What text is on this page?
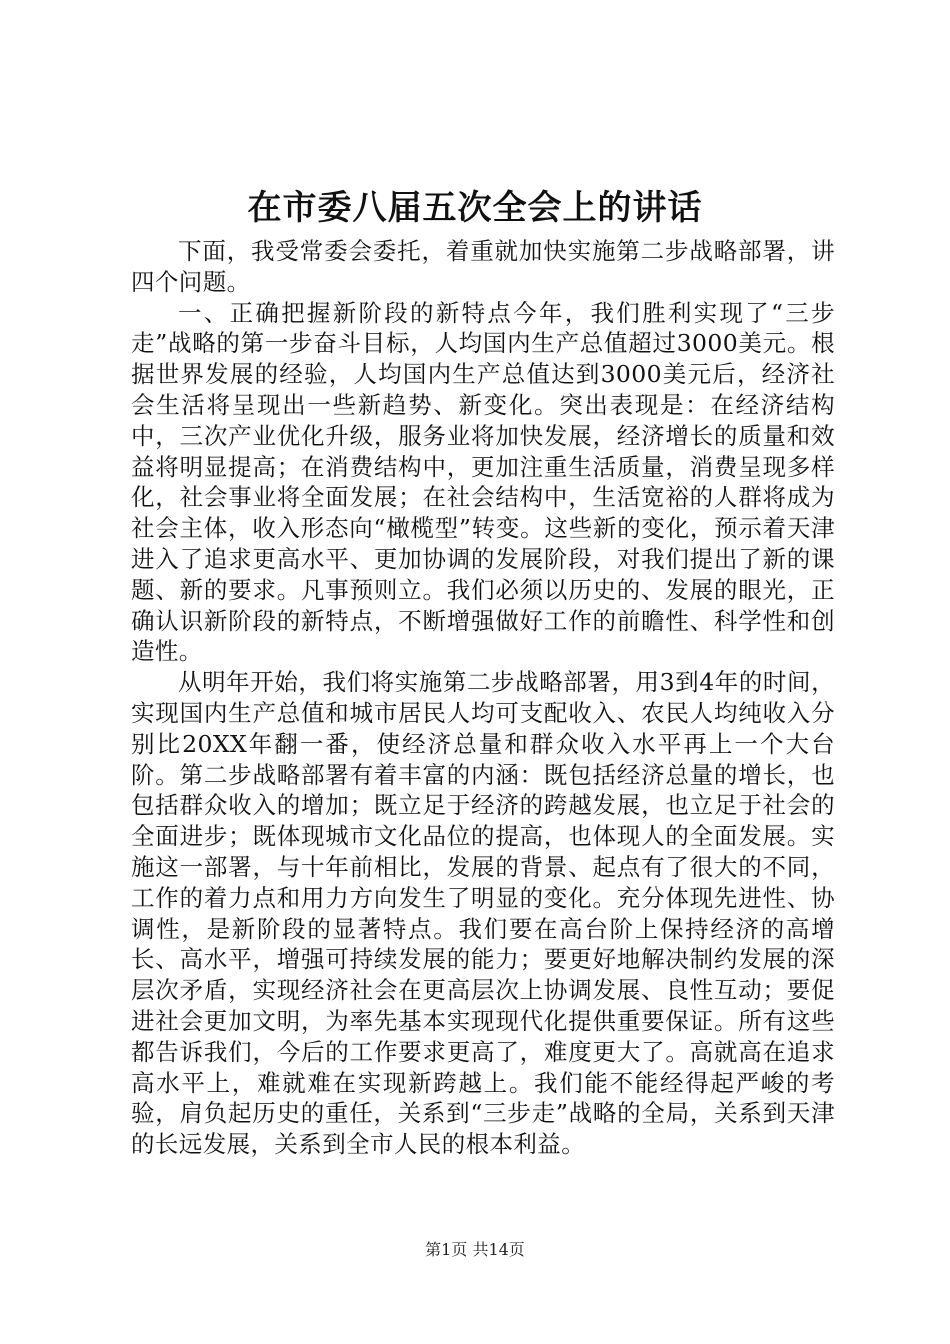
在市委八届五次全会上的讲话

下面，我受常委会委托，着重就加快实施第二步战略部署，讲四个问题。

一、正确把握新阶段的新特点今年，我们胜利实现了“三步走”战略的第一步奋斗目标，人均国内生产总值超过3000美元。根据世界发展的经验，人均国内生产总值达到3000美元后，经济社会生活将呈现出一些新趋势、新变化。突出表现是：在经济结构中，三次产业优化升级，服务业将加快发展，经济增长的质量和效益将明显提高；在消费结构中，更加注重生活质量，消费呈现多样化，社会事业将全面发展；在社会结构中，生活宽裕的人群将成为社会主体，收入形态向“橄榄型”转变。这些新的变化，预示着天津进入了追求更高水平、更加协调的发展阶段，对我们提出了新的课题、新的要求。凡事预则立。我们必须以历史的、发展的眼光，正确认识新阶段的新特点，不断增强做好工作的前瞻性、科学性和创造性。

从明年开始，我们将实施第二步战略部署，用3到4年的时间，实现国内生产总值和城市居民人均可支配收入、农民人均纯收入分别比20XX年翻一番，使经济总量和群众收入水平再上一个大台阶。第二步战略部署有着丰富的内涵：既包括经济总量的增长，也包括群众收入的增加；既立足于经济的跨越发展，也立足于社会的全面进步；既体现城市文化品位的提高，也体现人的全面发展。实施这一部署，与十年前相比，发展的背景、起点有了很大的不同，工作的着力点和用力方向发生了明显的变化。充分体现先进性、协调性，是新阶段的显著特点。我们要在高台阶上保持经济的高增长、高水平，增强可持续发展的能力；要更好地解决制约发展的深层次矛盾，实现经济社会在更高层次上协调发展、良性互动；要促进社会更加文明，为率先基本实现现代化提供重要保证。所有这些都告诉我们，今后的工作要求更高了，难度更大了。高就高在追求高水平上，难就难在实现新跨越上。我们能不能经得起严峻的考验，肩负起历史的重任，关系到“三步走”战略的全局，关系到天津的长远发展，关系到全市人民的根本利益。

第1页 共14页
